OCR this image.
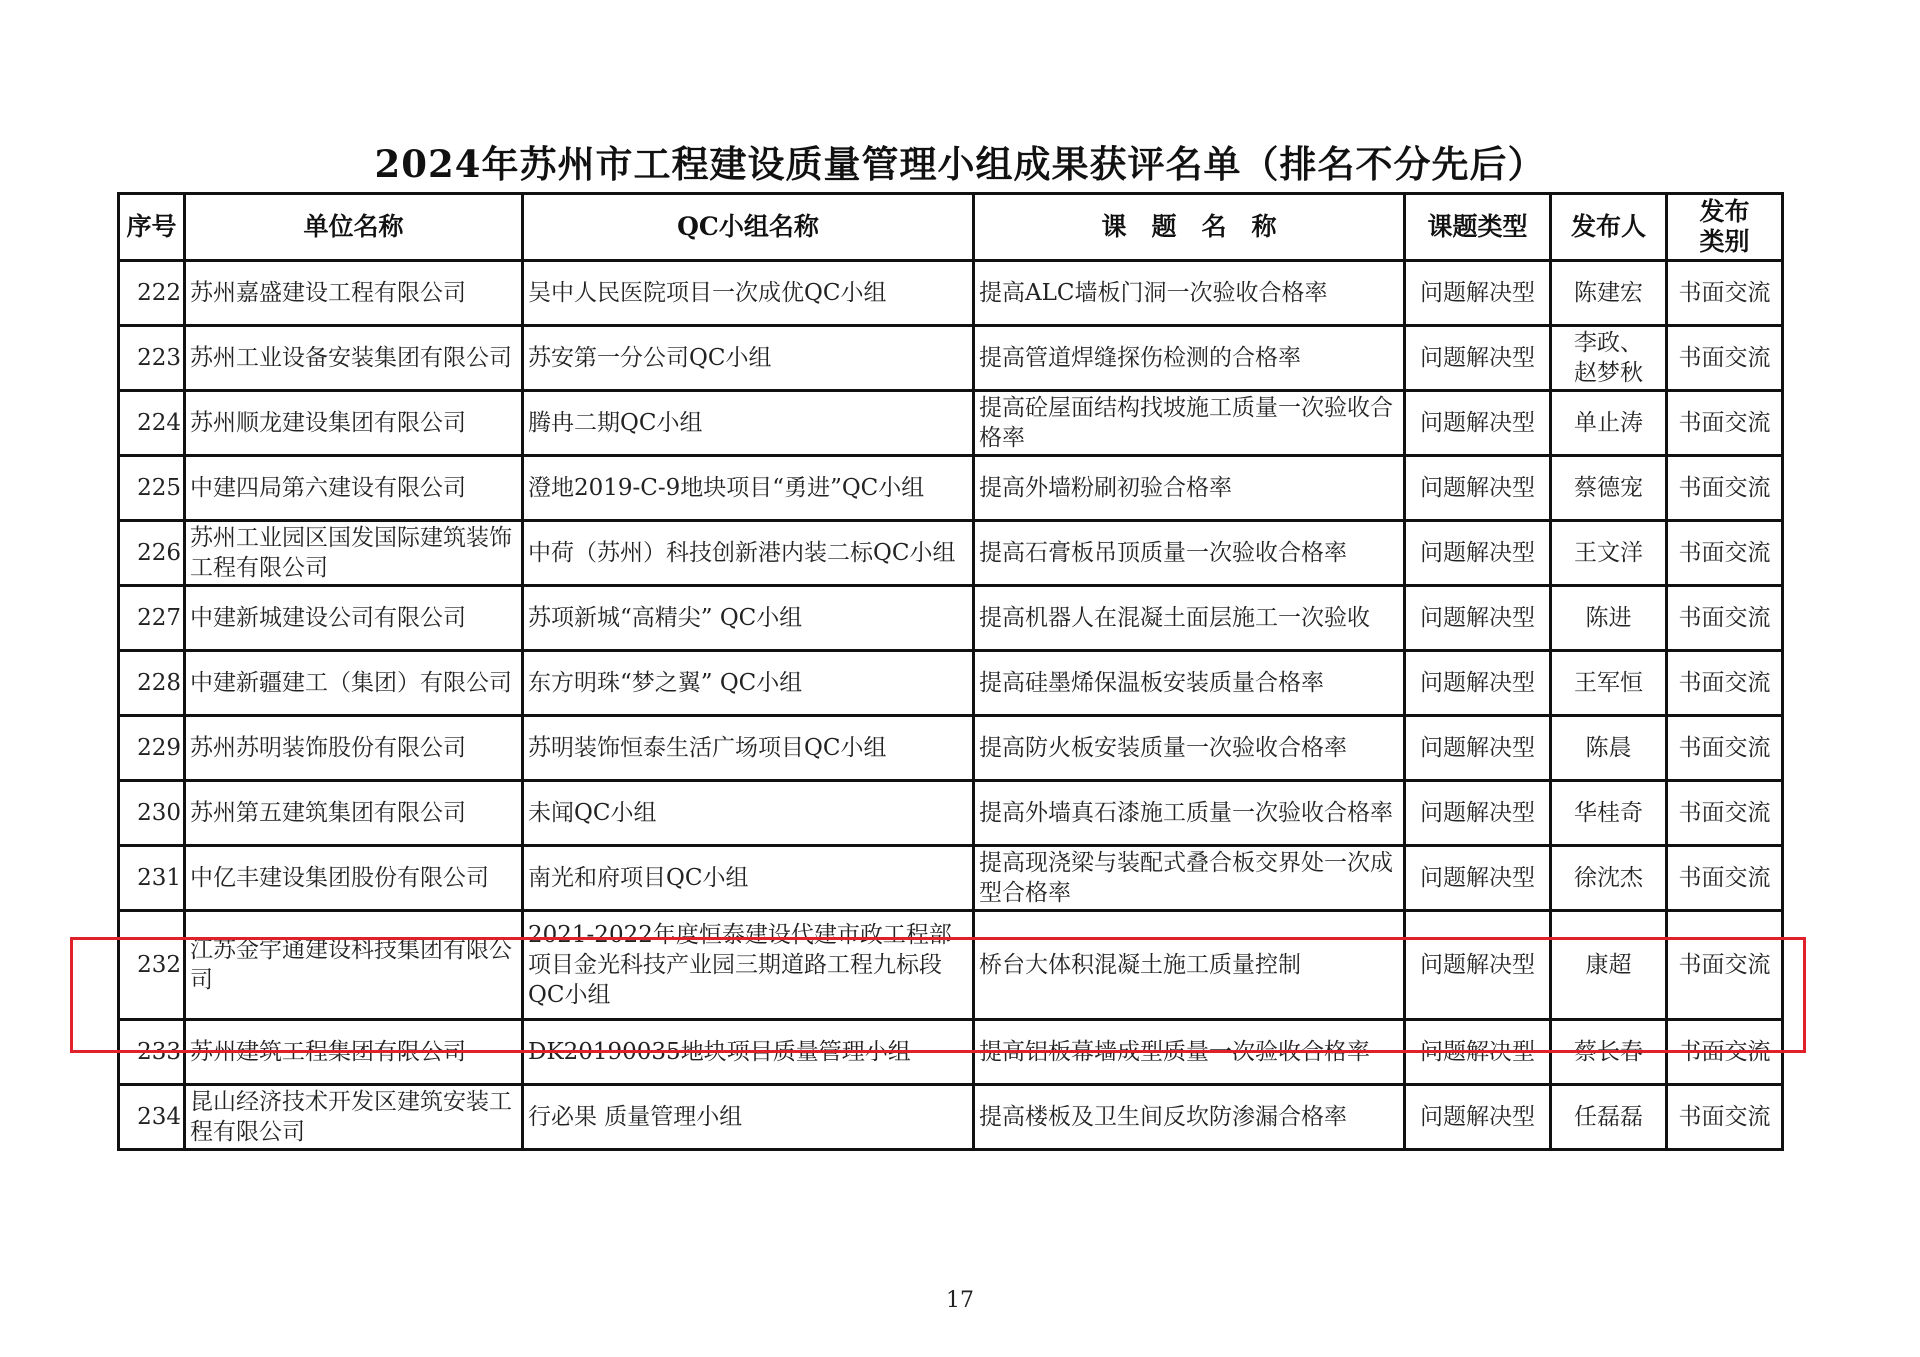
2024年苏州市工程建设质量管理小组成果获评名单（排名不分先后）
序号	单位名称	QC小组名称	课　题　名　称	课题类型	发布人	发布类别
222	苏州嘉盛建设工程有限公司	吴中人民医院项目一次成优QC小组	提高ALC墙板门洞一次验收合格率	问题解决型	陈建宏	书面交流
223	苏州工业设备安装集团有限公司	苏安第一分公司QC小组	提高管道焊缝探伤检测的合格率	问题解决型	李政、赵梦秋	书面交流
224	苏州顺龙建设集团有限公司	腾冉二期QC小组	提高砼屋面结构找坡施工质量一次验收合格率	问题解决型	单止涛	书面交流
225	中建四局第六建设有限公司	澄地2019-C-9地块项目“勇进”QC小组	提高外墙粉刷初验合格率	问题解决型	蔡德宠	书面交流
226	苏州工业园区国发国际建筑装饰工程有限公司	中荷（苏州）科技创新港内装二标QC小组	提高石膏板吊顶质量一次验收合格率	问题解决型	王文洋	书面交流
227	中建新城建设公司有限公司	苏项新城“高精尖” QC小组	提高机器人在混凝土面层施工一次验收	问题解决型	陈进	书面交流
228	中建新疆建工（集团）有限公司	东方明珠“梦之翼” QC小组	提高硅墨烯保温板安装质量合格率	问题解决型	王军恒	书面交流
229	苏州苏明装饰股份有限公司	苏明装饰恒泰生活广场项目QC小组	提高防火板安装质量一次验收合格率	问题解决型	陈晨	书面交流
230	苏州第五建筑集团有限公司	未闻QC小组	提高外墙真石漆施工质量一次验收合格率	问题解决型	华桂奇	书面交流
231	中亿丰建设集团股份有限公司	南光和府项目QC小组	提高现浇梁与装配式叠合板交界处一次成型合格率	问题解决型	徐沈杰	书面交流
232	江苏金宇通建设科技集团有限公司	2021-2022年度恒泰建设代建市政工程部项目金光科技产业园三期道路工程九标段QC小组	桥台大体积混凝土施工质量控制	问题解决型	康超	书面交流
233	苏州建筑工程集团有限公司	DK20190035地块项目质量管理小组	提高铝板幕墙成型质量一次验收合格率	问题解决型	蔡长春	书面交流
234	昆山经济技术开发区建筑安装工程有限公司	行必果 质量管理小组	提高楼板及卫生间反坎防渗漏合格率	问题解决型	任磊磊	书面交流
17
